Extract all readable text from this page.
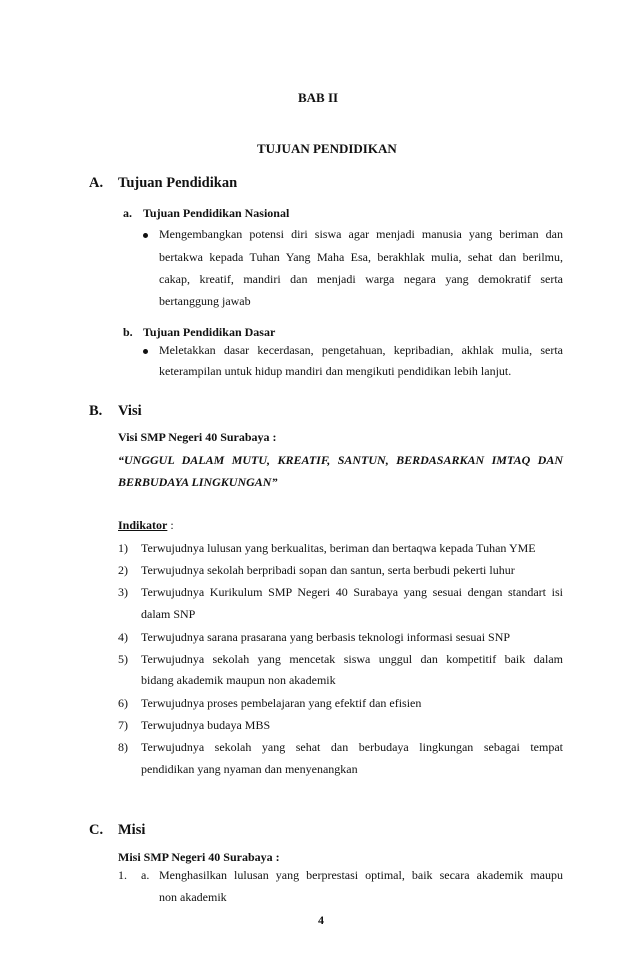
BAB II
TUJUAN PENDIDIKAN
A. Tujuan Pendidikan
a. Tujuan Pendidikan Nasional
Mengembangkan potensi diri siswa agar menjadi manusia yang beriman dan
bertakwa kepada Tuhan Yang Maha Esa, berakhlak mulia, sehat dan berilmu,
cakap, kreatif, mandiri dan menjadi warga negara yang demokratif serta
bertanggung jawab
b. Tujuan Pendidikan Dasar
Meletakkan dasar kecerdasan, pengetahuan, kepribadian, akhlak mulia, serta
keterampilan untuk hidup mandiri dan mengikuti pendidikan lebih lanjut.
B. Visi
Visi SMP Negeri 40 Surabaya :
“UNGGUL DALAM MUTU, KREATIF, SANTUN, BERDASARKAN IMTAQ DAN
BERBUDAYA LINGKUNGAN”
Indikator :
1) Terwujudnya lulusan yang berkualitas, beriman dan bertaqwa kepada Tuhan YME
2) Terwujudnya sekolah berpribadi sopan dan santun, serta berbudi pekerti luhur
3) Terwujudnya Kurikulum SMP Negeri 40 Surabaya yang sesuai dengan standart isi
dalam SNP
4) Terwujudnya sarana prasarana yang berbasis teknologi informasi sesuai SNP
5) Terwujudnya sekolah yang mencetak siswa unggul dan kompetitif baik dalam
bidang akademik maupun non akademik
6) Terwujudnya proses pembelajaran yang efektif dan efisien
7) Terwujudnya budaya MBS
8) Terwujudnya sekolah yang sehat dan berbudaya lingkungan sebagai tempat
pendidikan yang nyaman dan menyenangkan
C. Misi
Misi SMP Negeri 40 Surabaya :
1. a. Menghasilkan lulusan yang berprestasi optimal, baik secara akademik maupu
non akademik
4
